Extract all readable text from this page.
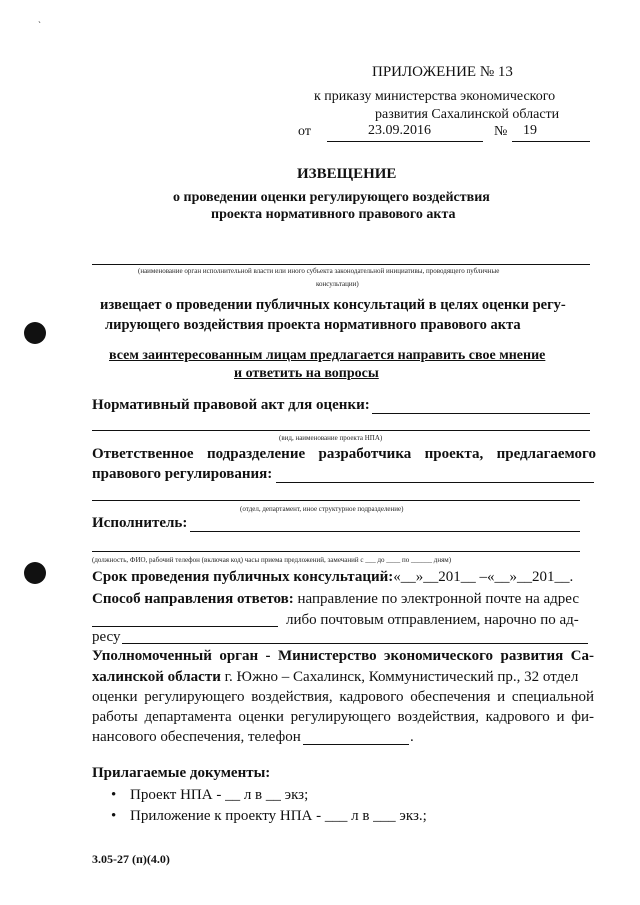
`
ПРИЛОЖЕНИЕ № 13
к приказу министерства экономического
развития Сахалинской области
от	23.09.2016	№ 19
ИЗВЕЩЕНИЕ
о проведении оценки регулирующего воздействия
проекта нормативного правового акта
(наименование орган исполнительной власти или иного субъекта законодательной инициативы, проводящего публичные
консультации)
извещает о проведении публичных консультаций в целях оценки регу-
лирующего воздействия проекта нормативного правового акта
всем заинтересованным лицам предлагается направить свое мнение
и ответить на вопросы
Нормативный правовой акт для оценки:
(вид, наименование проекта НПА)
Ответственное подразделение разработчика проекта, предлагаемого
правового регулирования:
(отдел, департамент, иное структурное подразделение)
Исполнитель:
(должность, ФИО, рабочий телефон (включая код) часы приема предложений, замечаний с ___ до ____ по ______ дням)
Срок проведения публичных консультаций:«__»__201__ –«__»__201__.
Способ направления ответов: направление по электронной почте на адрес
либо почтовым отправлением, нарочно по ад-
ресу
Уполномоченный орган - Министерство экономического развития Са-
халинской области г. Южно – Сахалинск, Коммунистический пр., 32 отдел
оценки регулирующего воздействия, кадрового обеспечения и специальной
работы департамента оценки регулирующего воздействия, кадрового и фи-
нансового обеспечения, телефон	.
Прилагаемые документы:
• Проект НПА - __ л в __ экз;
• Приложение к проекту НПА - ___ л в ___ экз.;
3.05-27 (п)(4.0)
